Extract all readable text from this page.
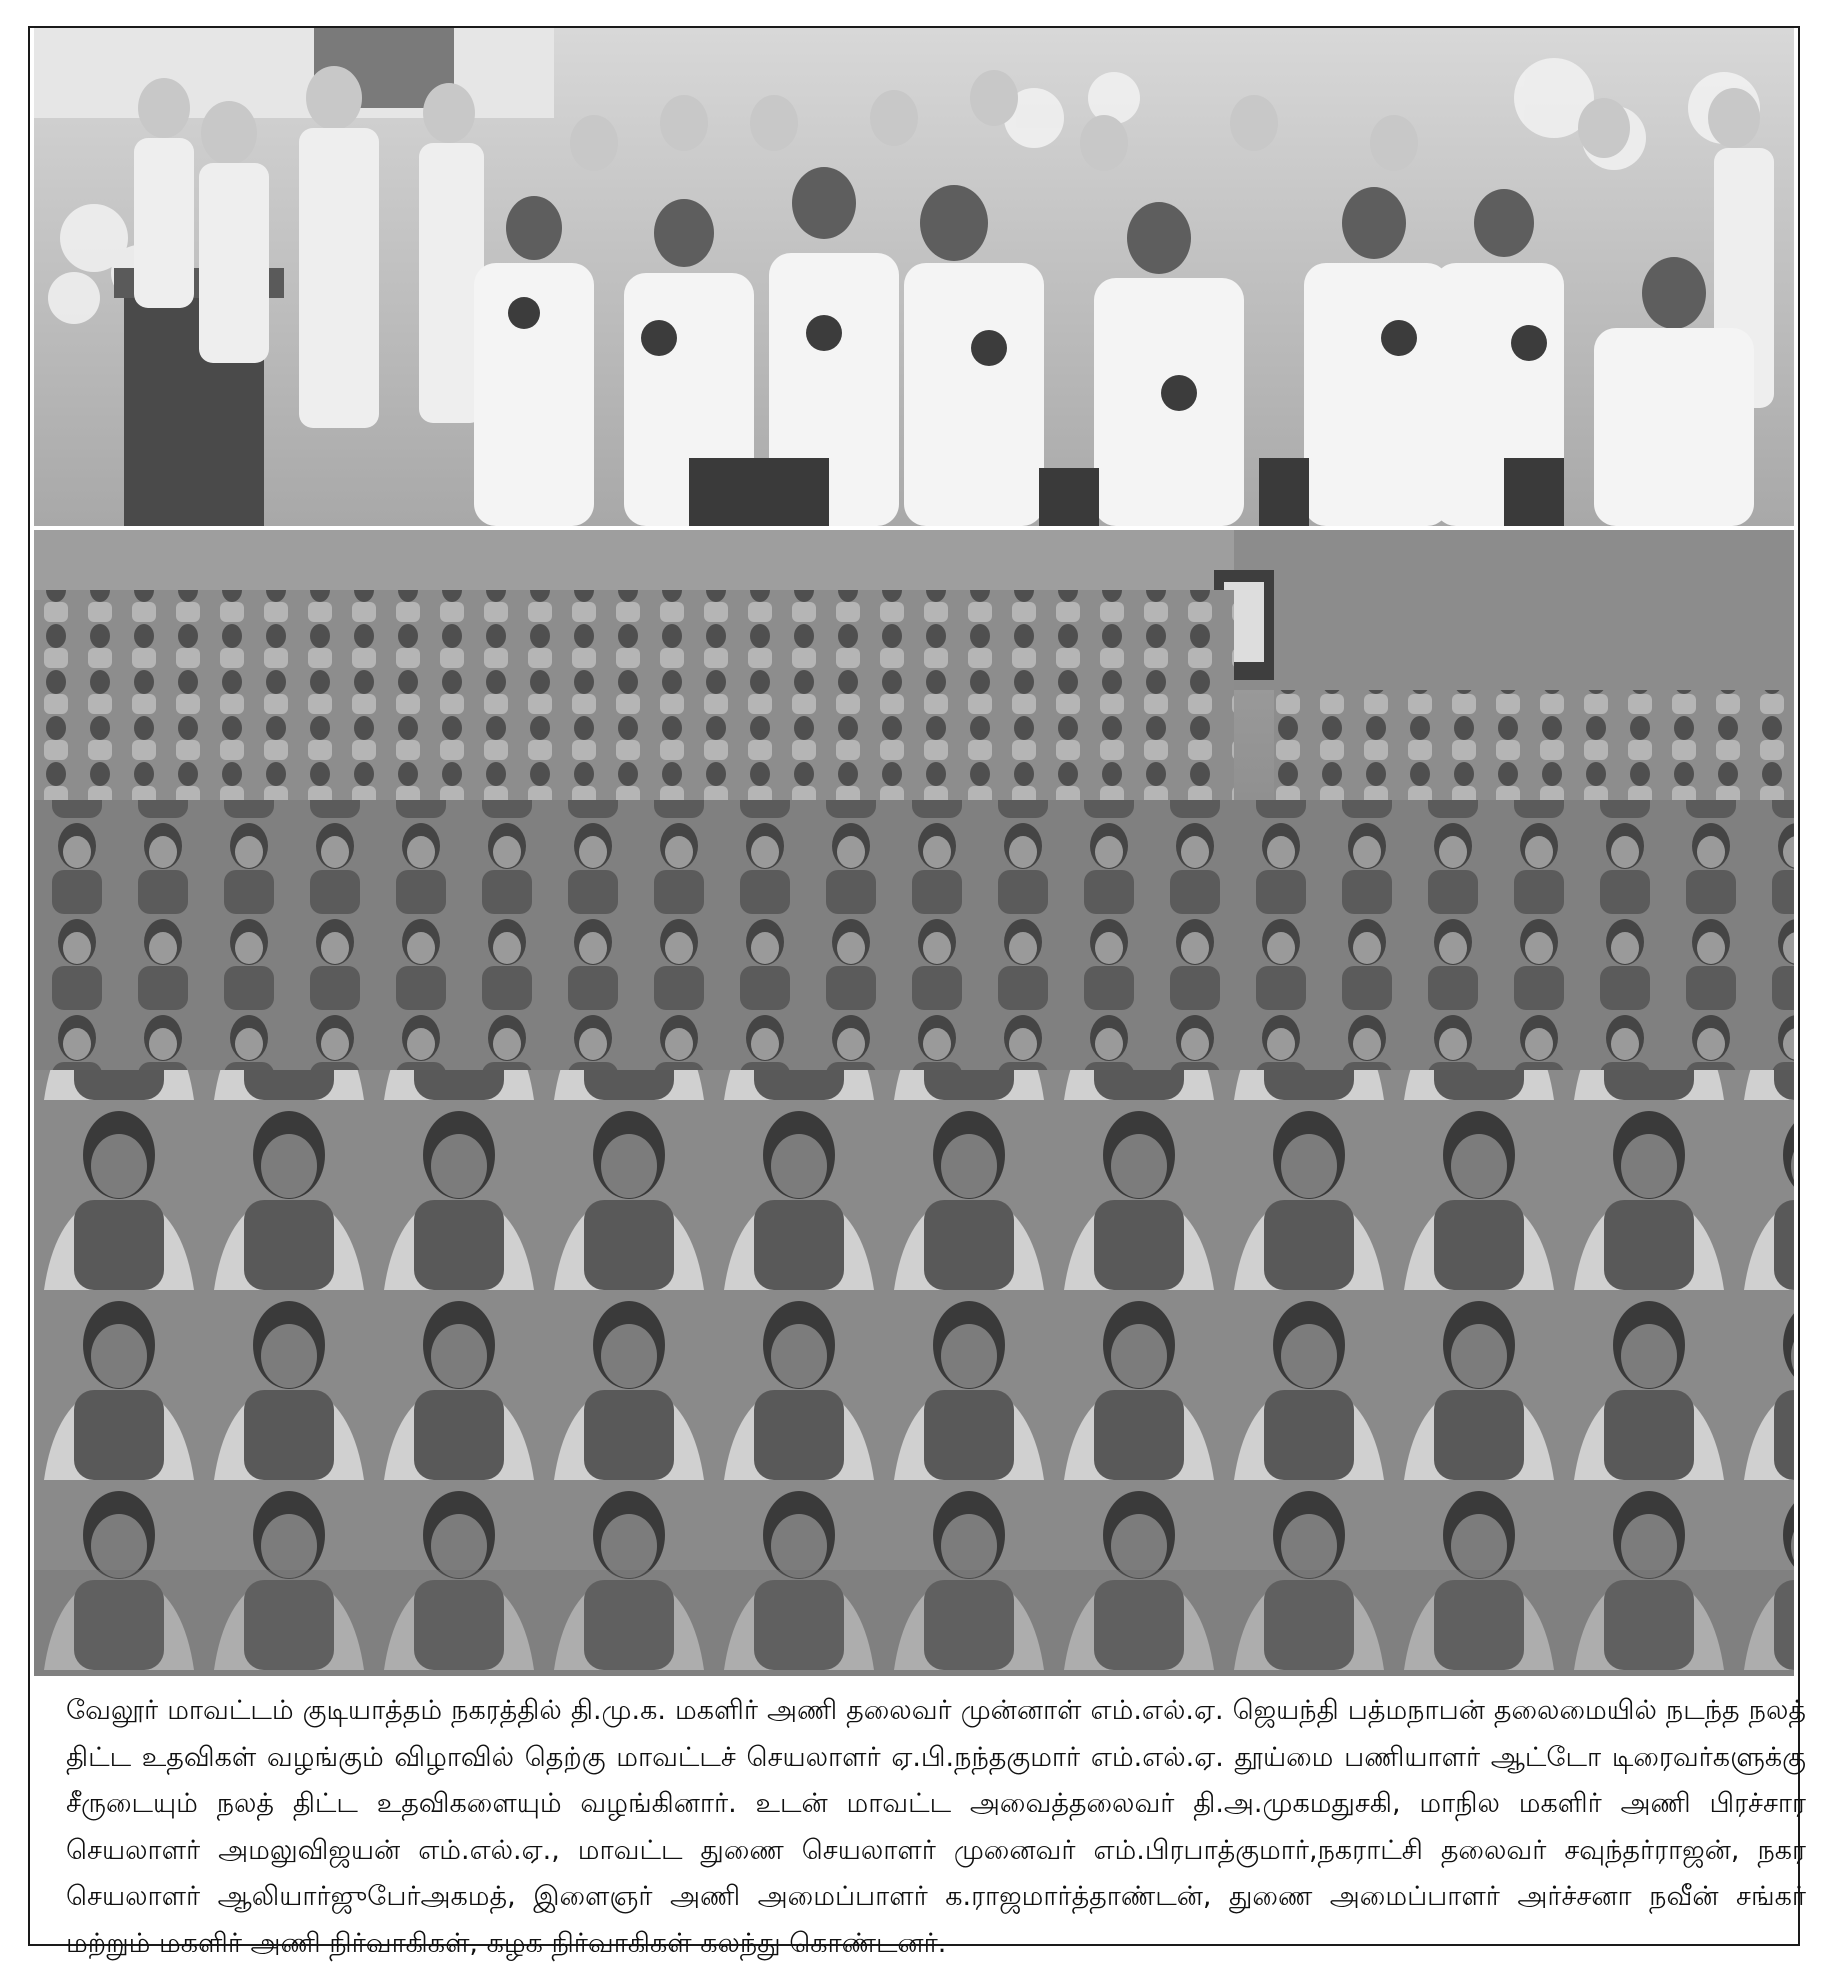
வேலூர் மாவட்டம் குடியாத்தம் நகரத்தில் தி.மு.க. மகளிர் அணி தலைவர் முன்னாள் எம்.எல்.ஏ. ஜெயந்தி பத்மநாபன் தலைமையில் நடந்த நலத் திட்ட உதவிகள் வழங்கும் விழாவில் தெற்கு மாவட்டச் செயலாளர் ஏ.பி.நந்தகுமார் எம்.எல்.ஏ. தூய்மை பணியாளர் ஆட்டோ டிரைவர்களுக்கு சீருடையும் நலத் திட்ட உதவிகளையும் வழங்கினார். உடன் மாவட்ட அவைத்தலைவர் தி.அ.முகமதுசகி, மாநில மகளிர் அணி பிரச்சார செயலாளர் அமலுவிஜயன் எம்.எல்.ஏ., மாவட்ட துணை செயலாளர் முனைவர் எம்.பிரபாத்குமார்,நகராட்சி தலைவர் சவுந்தர்ராஜன், நகர செயலாளர் ஆலியார்ஜுபேர்அகமத், இளைஞர் அணி அமைப்பாளர் க.ராஜமார்த்தாண்டன், துணை அமைப்பாளர் அர்ச்சனா நவீன் சங்கர் மற்றும் மகளிர் அணி நிர்வாகிகள், கழக நிர்வாகிகள் கலந்து கொண்டனர்.
